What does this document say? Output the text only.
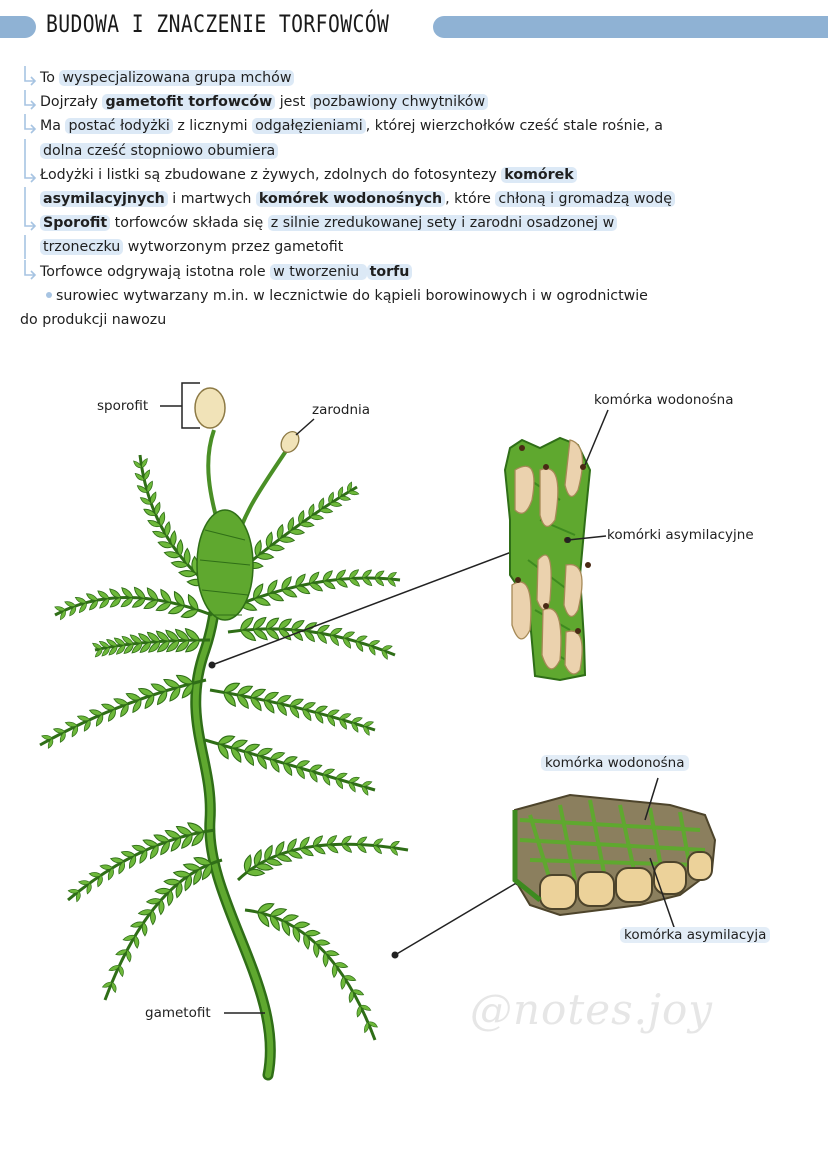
BUDOWA I ZNACZENIE TORFOWCÓW
To wyspecjalizowana grupa mchów
Dojrzały gametofit torfowców jest pozbawiony chwytników
Ma postać łodyżki z licznymi odgałęzieniami , której wierzchołków cześć stale rośnie, a
dolna cześć stopniowo obumiera
Łodyżki i listki są zbudowane z żywych, zdolnych do fotosyntezy komórek
asymilacyjnych i martwych komórek wodonośnych , które chłoną i gromadzą wodę
Sporofit torfowców składa się z silnie zredukowanej sety i zarodni osadzonej w
trzoneczku wytworzonym przez gametofit
Torfowce odgrywają istotna role w tworzeniu torfu
surowiec wytwarzany m.in. w lecznictwie do kąpieli borowinowych i w ogrodnictwie
do produkcji nawozu
sporofit	zarodnia
gametofit
komórka wodonośna
komórki asymilacyjne
komórka wodonośna
komórka asymilacyja
@notes.joy
